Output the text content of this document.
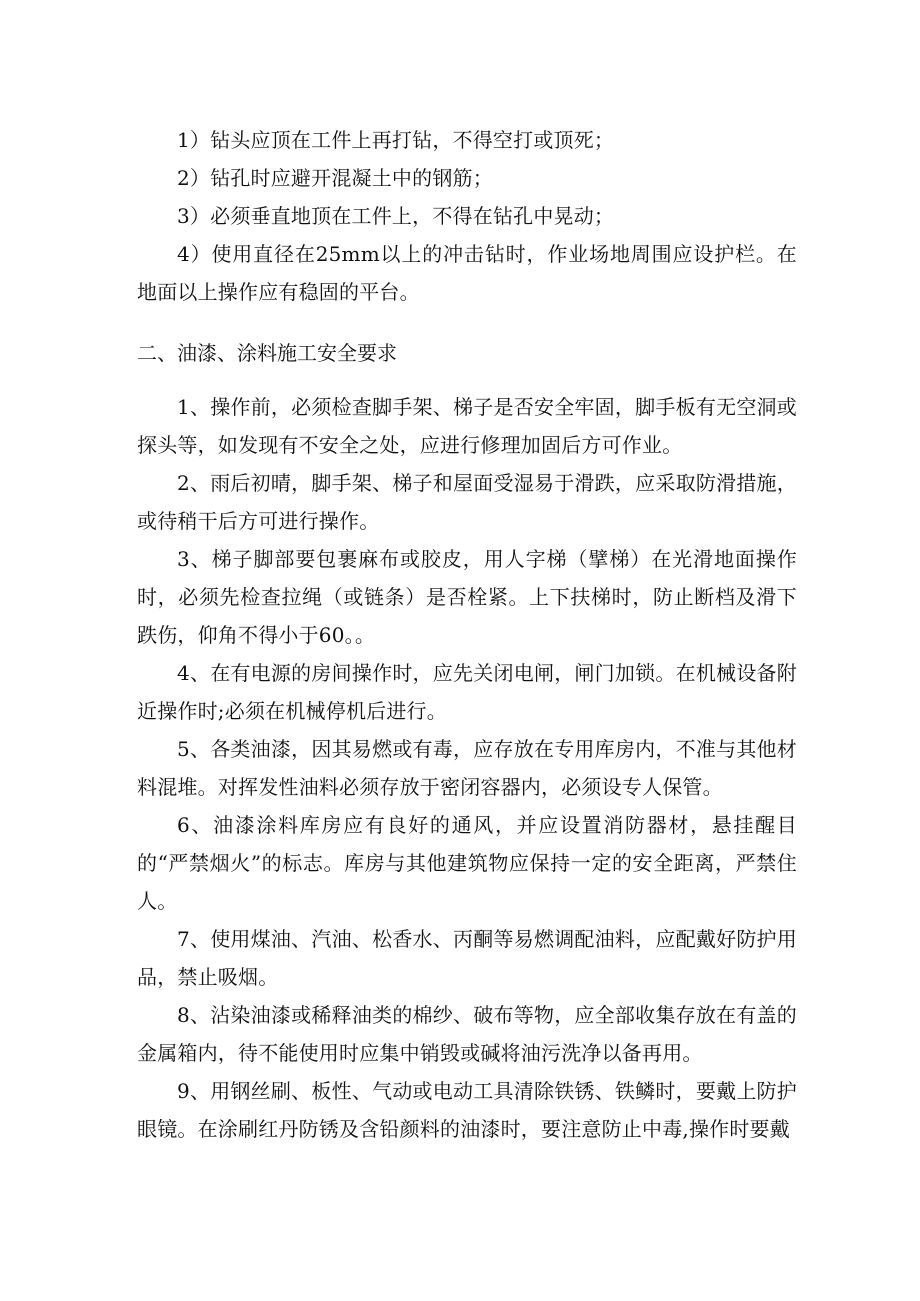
1）钻头应顶在工件上再打钻，不得空打或顶死；

2）钻孔时应避开混凝土中的钢筋；

3）必须垂直地顶在工件上，不得在钻孔中晃动；

4）使用直径在25mm以上的冲击钻时，作业场地周围应设护栏。在地面以上操作应有稳固的平台。

二、油漆、涂料施工安全要求

1、操作前，必须检查脚手架、梯子是否安全牢固，脚手板有无空洞或探头等，如发现有不安全之处，应进行修理加固后方可作业。

2、雨后初晴，脚手架、梯子和屋面受湿易于滑跌，应采取防滑措施，或待稍干后方可进行操作。

3、梯子脚部要包裹麻布或胶皮，用人字梯（擘梯）在光滑地面操作时，必须先检查拉绳（或链条）是否栓紧。上下扶梯时，防止断档及滑下跌伤，仰角不得小于60。。

4、在有电源的房间操作时，应先关闭电闸，闸门加锁。在机械设备附近操作时;必须在机械停机后进行。

5、各类油漆，因其易燃或有毒，应存放在专用库房内，不准与其他材料混堆。对挥发性油料必须存放于密闭容器内，必须设专人保管。

6、油漆涂料库房应有良好的通风，并应设置消防器材，悬挂醒目的“严禁烟火”的标志。库房与其他建筑物应保持一定的安全距离，严禁住人。

7、使用煤油、汽油、松香水、丙酮等易燃调配油料，应配戴好防护用品，禁止吸烟。

8、沾染油漆或稀释油类的棉纱、破布等物，应全部收集存放在有盖的金属箱内，待不能使用时应集中销毁或碱将油污洗净以备再用。

9、用钢丝刷、板性、气动或电动工具清除铁锈、铁鳞时，要戴上防护眼镜。在涂刷红丹防锈及含铅颜料的油漆时，要注意防止中毒,操作时要戴
